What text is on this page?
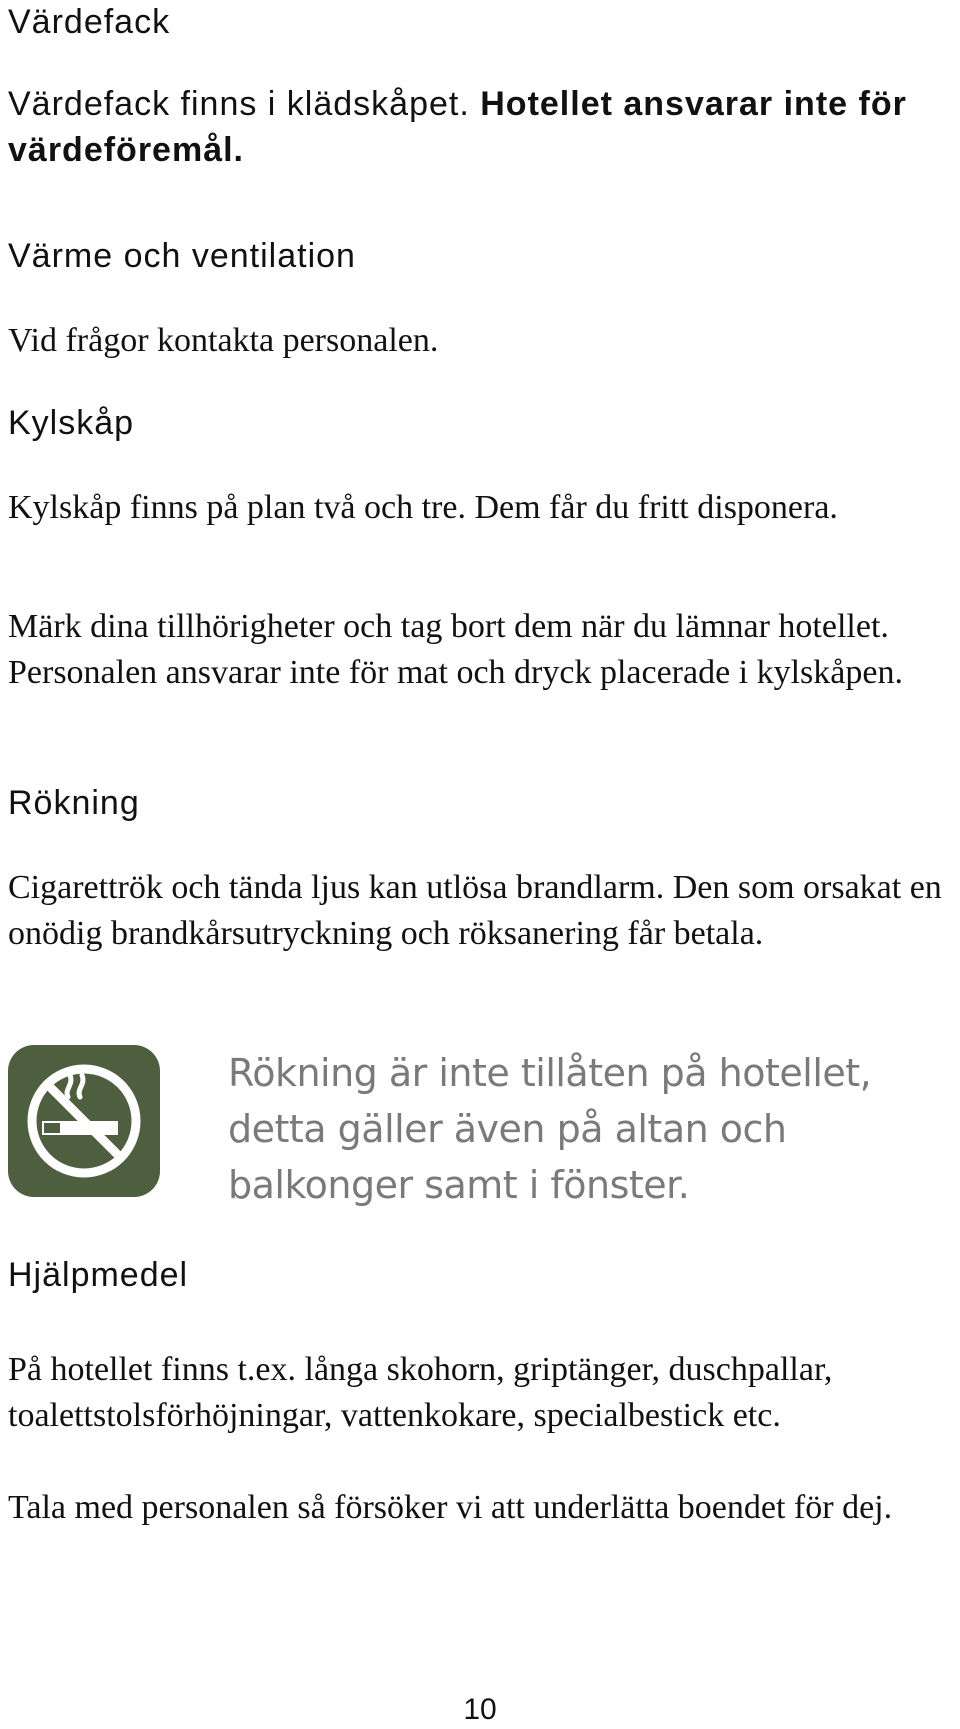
Värdefack

Värdefack finns i klädskåpet. Hotellet ansvarar inte för värdeföremål.

Värme och ventilation

Vid frågor kontakta personalen.

Kylskåp

Kylskåp finns på plan två och tre. Dem får du fritt disponera.

Märk dina tillhörigheter och tag bort dem när du lämnar hotellet. Personalen ansvarar inte för mat och dryck placerade i kylskåpen.

Rökning

Cigarettrök och tända ljus kan utlösa brandlarm. Den som orsakat en onödig brandkårsutryckning och röksanering får betala.

Rökning är inte tillåten på hotellet,
detta gäller även på altan och
balkonger samt i fönster.
Hjälpmedel

På hotellet finns t.ex. långa skohorn, griptänger, duschpallar, toalettstolsförhöjningar, vattenkokare, specialbestick etc.

Tala med personalen så försöker vi att underlätta boendet för dej.

10
